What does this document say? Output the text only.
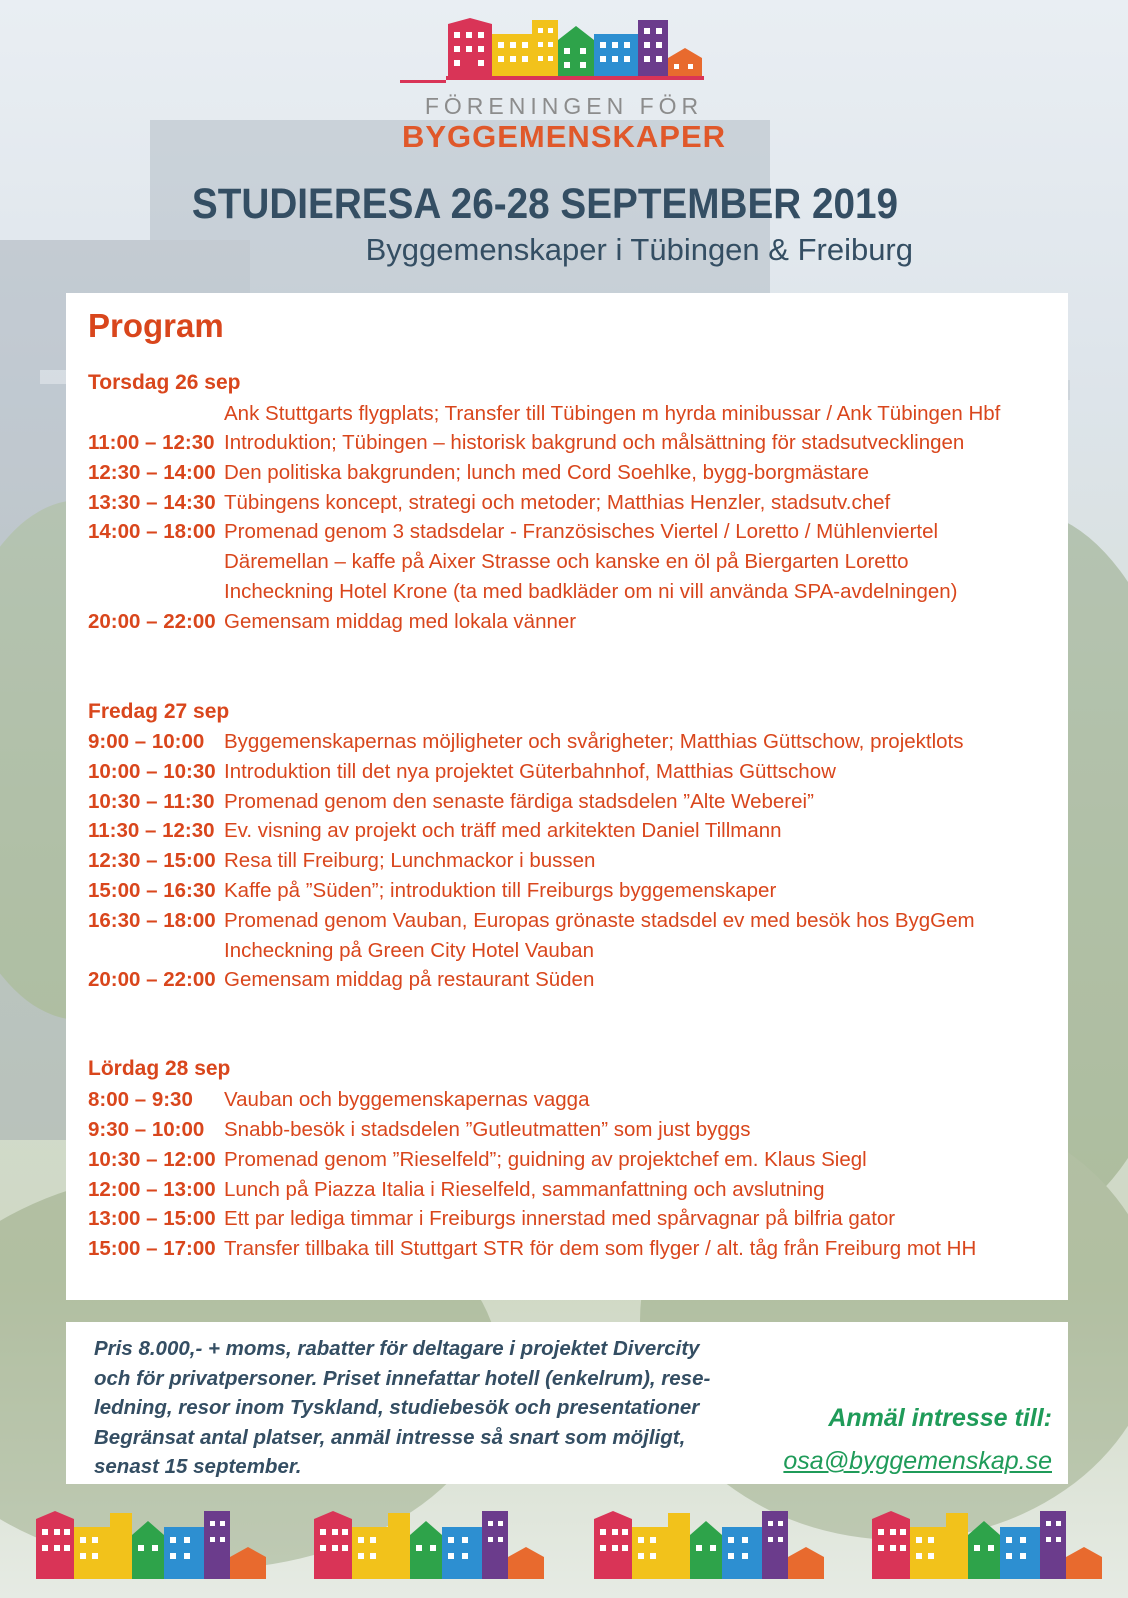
FÖRENINGEN FÖR
BYGGEMENSKAPER
STUDIERESA 26-28 SEPTEMBER 2019
Byggemenskaper i Tübingen & Freiburg
Program
Torsdag 26 sep
Ank Stuttgarts flygplats; Transfer till Tübingen m hyrda minibussar / Ank Tübingen Hbf
11:00 – 12:30 Introduktion; Tübingen – historisk bakgrund och målsättning för stadsutvecklingen
12:30 – 14:00 Den politiska bakgrunden; lunch med Cord Soehlke, bygg-borgmästare
13:30 – 14:30 Tübingens koncept, strategi och metoder; Matthias Henzler, stadsutv.chef
14:00 – 18:00 Promenad genom 3 stadsdelar - Französisches Viertel / Loretto / Mühlenviertel
Däremellan – kaffe på Aixer Strasse och kanske en öl på Biergarten Loretto
Incheckning Hotel Krone (ta med badkläder om ni vill använda SPA-avdelningen)
20:00 – 22:00 Gemensam middag med lokala vänner
Fredag 27 sep
9:00 – 10:00 Byggemenskapernas möjligheter och svårigheter; Matthias Güttschow, projektlots
10:00 – 10:30 Introduktion till det nya projektet Güterbahnhof, Matthias Güttschow
10:30 – 11:30 Promenad genom den senaste färdiga stadsdelen ”Alte Weberei”
11:30 – 12:30 Ev. visning av projekt och träff med arkitekten Daniel Tillmann
12:30 – 15:00 Resa till Freiburg; Lunchmackor i bussen
15:00 – 16:30 Kaffe på ”Süden”; introduktion till Freiburgs byggemenskaper
16:30 – 18:00 Promenad genom Vauban, Europas grönaste stadsdel ev med besök hos BygGem
Incheckning på Green City Hotel Vauban
20:00 – 22:00 Gemensam middag på restaurant Süden
Lördag 28 sep
8:00 – 9:30 Vauban och byggemenskapernas vagga
9:30 – 10:00 Snabb-besök i stadsdelen ”Gutleutmatten” som just byggs
10:30 – 12:00 Promenad genom ”Rieselfeld”; guidning av projektchef em. Klaus Siegl
12:00 – 13:00 Lunch på Piazza Italia i Rieselfeld, sammanfattning och avslutning
13:00 – 15:00 Ett par lediga timmar i Freiburgs innerstad med spårvagnar på bilfria gator
15:00 – 17:00 Transfer tillbaka till Stuttgart STR för dem som flyger / alt. tåg från Freiburg mot HH
Pris 8.000,- + moms, rabatter för deltagare i projektet Divercity
och för privatpersoner. Priset innefattar hotell (enkelrum), rese-
ledning, resor inom Tyskland, studiebesök och presentationer
Begränsat antal platser, anmäl intresse så snart som möjligt,
senast 15 september.
Anmäl intresse till:
osa@byggemenskap.se
